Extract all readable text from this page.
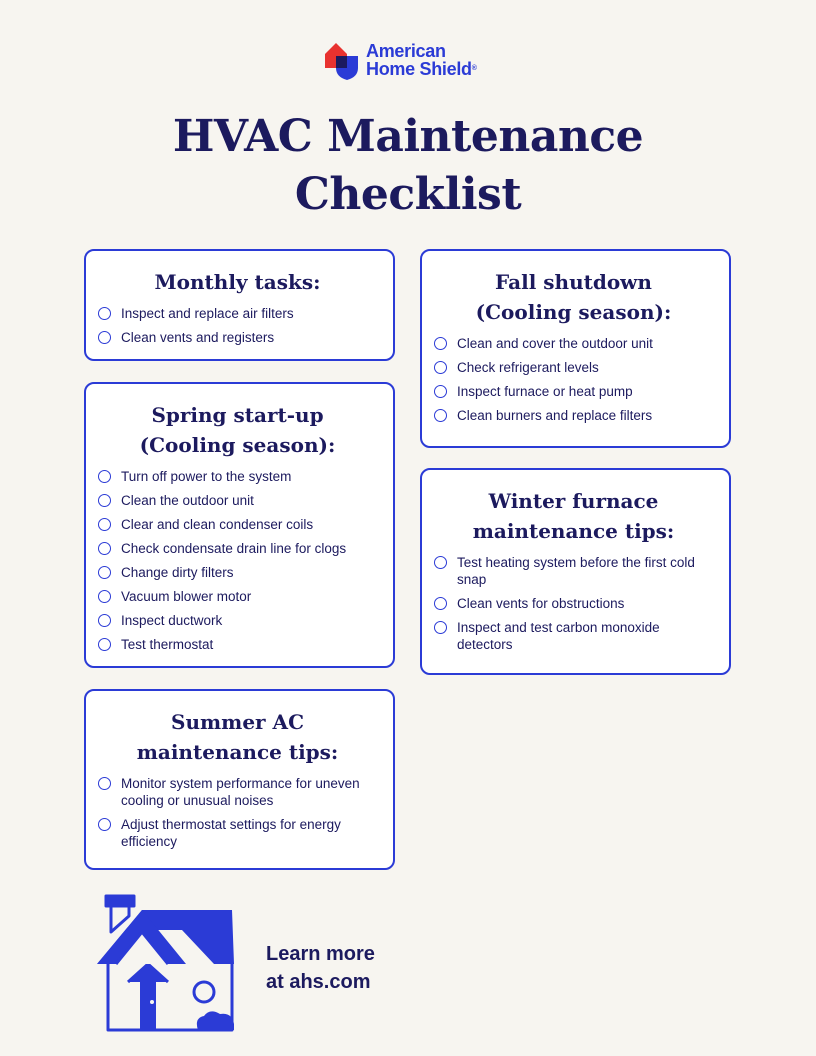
American
Home Shield®
HVAC Maintenance
Checklist
Monthly tasks:
Inspect and replace air filters
Clean vents and registers
Spring start-up
(Cooling season):
Turn off power to the system
Clean the outdoor unit
Clear and clean condenser coils
Check condensate drain line for clogs
Change dirty filters
Vacuum blower motor
Inspect ductwork
Test thermostat
Summer AC
maintenance tips:
Monitor system performance for uneven cooling or unusual noises
Adjust thermostat settings for energy efficiency
Fall shutdown
(Cooling season):
Clean and cover the outdoor unit
Check refrigerant levels
Inspect furnace or heat pump
Clean burners and replace filters
Winter furnace
maintenance tips:
Test heating system before the first cold snap
Clean vents for obstructions
Inspect and test carbon monoxide detectors
Learn more
at ahs.com
